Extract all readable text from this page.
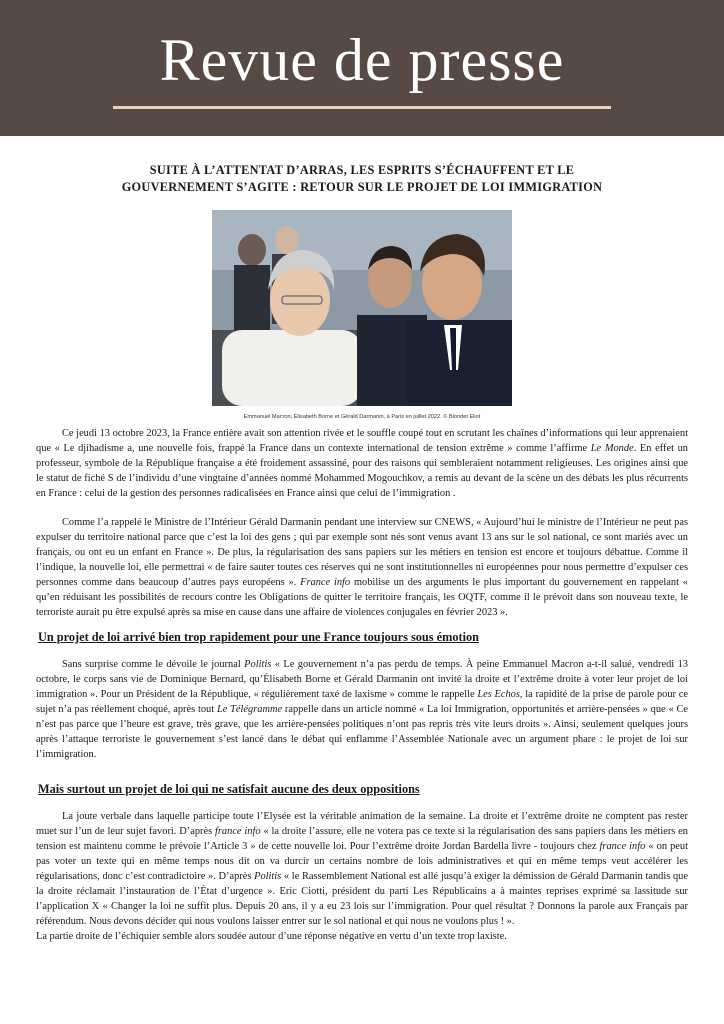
Revue de presse
SUITE À L’ATTENTAT D’ARRAS, LES ESPRITS S’ÉCHAUFFENT ET LE
GOUVERNEMENT S’AGITE : RETOUR SUR LE PROJET DE LOI IMMIGRATION
Emmanuel Macron, Élisabeth Borne et Gérald Darmanin, à Paris en juillet 2022. © Blondet Eliot

Ce jeudi 13 octobre 2023, la France entière avait son attention rivée et le souffle coupé tout en scrutant les chaînes d’informations qui leur apprenaient que « Le djihadisme a, une nouvelle fois, frappé la France dans un contexte international de tension extrême » comme l’affirme Le Monde. En effet un professeur, symbole de la République française a été froidement assassiné, pour des raisons qui sembleraient notamment religieuses. Les origines ainsi que le statut de fiché S de l’individu d’une vingtaine d’années nommé Mohammed Mogouchkov, a remis au devant de la scène un des débats les plus récurrents en France : celui de la gestion des personnes radicalisées en France ainsi que celui de l’immigration .

Comme l’a rappelé le Ministre de l’Intérieur Gérald Darmanin pendant une interview sur CNEWS, « Aujourd’hui le ministre de l’Intérieur ne peut pas expulser du territoire national parce que c’est la loi des gens ; qui par exemple sont nés sont venus avant 13 ans sur le sol national, ce sont mariés avec un français, ou ont eu un enfant en France ». De plus, la régularisation des sans papiers sur les métiers en tension est encore et toujours débattue. Comme il l’indique, la nouvelle loi, elle permettrai « de faire sauter toutes ces réserves qui ne sont institutionnelles ni européennes pour nous permettre d’expulser ces personnes comme dans beaucoup d’autres pays européens ». France info mobilise un des arguments le plus important du gouvernement en rappelant « qu’en réduisant les possibilités de recours contre les Obligations de quitter le territoire français, les OQTF, comme il le prévoit dans son nouveau texte, le terroriste aurait pu être expulsé après sa mise en cause dans une affaire de violences conjugales en février 2023 ».

Un projet de loi arrivé bien trop rapidement pour une France toujours sous émotion

Sans surprise comme le dévoile le journal Politis « Le gouvernement n’a pas perdu de temps. À peine Emmanuel Macron a-t-il salué, vendredi 13 octobre, le corps sans vie de Dominique Bernard, qu’Élisabeth Borne et Gérald Darmanin ont invité la droite et l’extrême droite à voter leur projet de loi immigration ». Pour un Président de la République, « régulièrement taxé de laxisme » comme le rappelle Les Echos, la rapidité de la prise de parole pour ce sujet n’a pas réellement choqué, après tout Le Télégramme rappelle dans un article nommé « La loi Immigration, opportunités et arrière-pensées » que « Ce n’est pas parce que l’heure est grave, très grave, que les arrière-pensées politiques n’ont pas repris très vite leurs droits ». Ainsi, seulement quelques jours après l’attaque terroriste le gouvernement s’est lancé dans le débat qui enflamme l’Assemblée Nationale avec un argument phare : le projet de loi sur l’immigration.

Mais surtout un projet de loi qui ne satisfait aucune des deux oppositions

La joute verbale dans laquelle participe toute l’Elysée est la véritable animation de la semaine. La droite et l’extrême droite ne comptent pas rester muet sur l’un de leur sujet favori. D’après france info « la droite l’assure, elle ne votera pas ce texte si la régularisation des sans papiers dans les métiers en tension est maintenu comme le prévoie l’Article 3 » de cette nouvelle loi. Pour l’extrême droite Jordan Bardella livre - toujours chez france info « on peut pas voter un texte qui en même temps nous dit on va durcir un certains nombre de lois administratives et qui en même temps veut accélérer les régularisations, donc c’est contradictoire ». D’après Politis « le Rassemblement National est allé jusqu’à exiger la démission de Gérald Darmanin tandis que la droite réclamait l’instauration de l’État d’urgence ». Eric Ciotti, président du parti Les Républicains a à maintes reprises exprimé sa lassitude sur l’application X « Changer la loi ne suffit plus. Depuis 20 ans, il y a eu 23 lois sur l’immigration. Pour quel résultat ? Donnons la parole aux Français par référendum. Nous devons décider qui nous voulons laisser entrer sur le sol national et qui nous ne voulons plus ! ».

La partie droite de l’échiquier semble alors soudée autour d’une réponse négative en vertu d’un texte trop laxiste.
